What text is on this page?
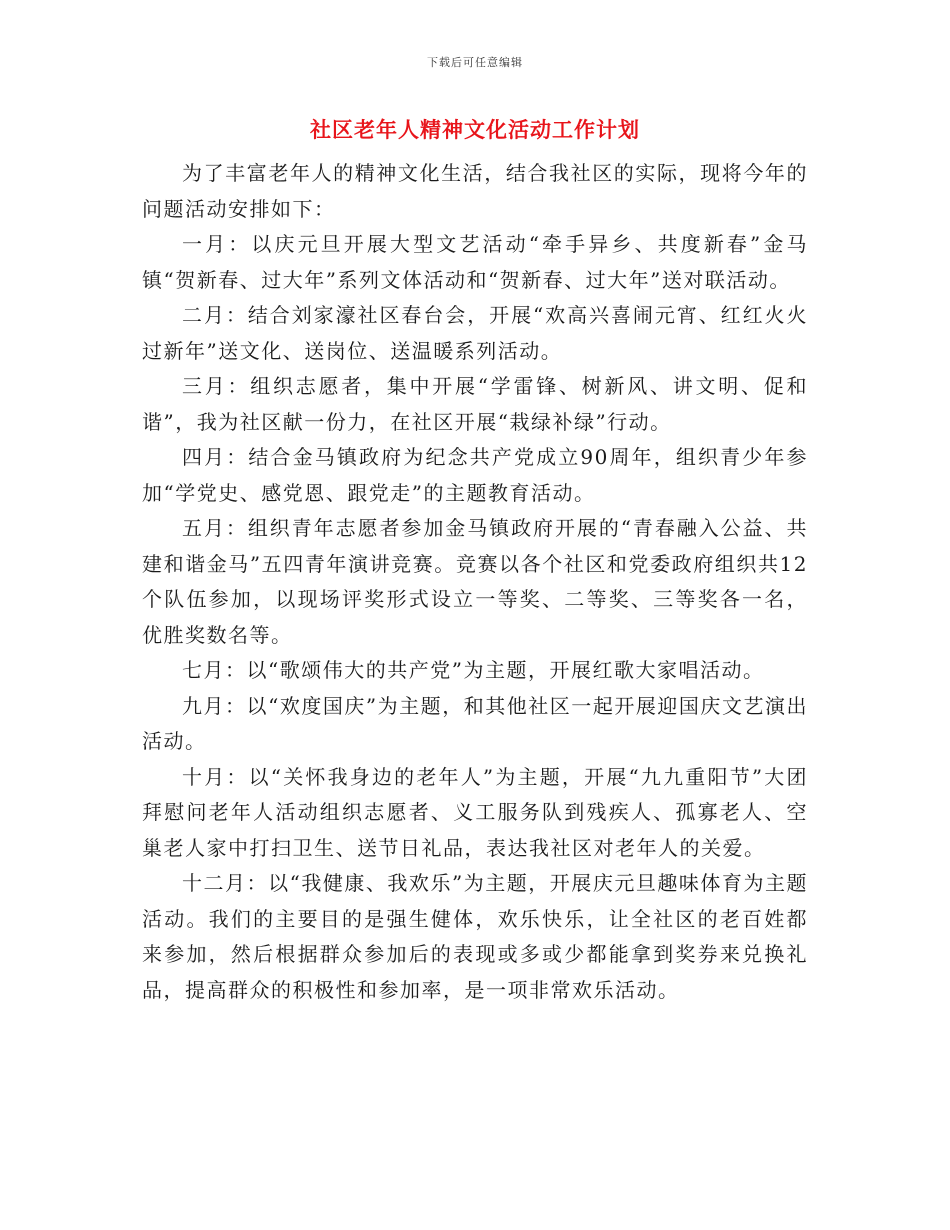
下载后可任意编辑
社区老年人精神文化活动工作计划

为了丰富老年人的精神文化生活，结合我社区的实际，现将今年的问题活动安排如下：

一月：以庆元旦开展大型文艺活动“牵手异乡、共度新春”金马镇“贺新春、过大年”系列文体活动和“贺新春、过大年”送对联活动。

二月：结合刘家濠社区春台会，开展“欢高兴喜闹元宵、红红火火过新年”送文化、送岗位、送温暖系列活动。

三月：组织志愿者，集中开展“学雷锋、树新风、讲文明、促和谐”，我为社区献一份力，在社区开展“栽绿补绿”行动。

四月：结合金马镇政府为纪念共产党成立90周年，组织青少年参加“学党史、感党恩、跟党走”的主题教育活动。

五月：组织青年志愿者参加金马镇政府开展的“青春融入公益、共建和谐金马”五四青年演讲竞赛。竞赛以各个社区和党委政府组织共12个队伍参加，以现场评奖形式设立一等奖、二等奖、三等奖各一名，优胜奖数名等。

七月：以“歌颂伟大的共产党”为主题，开展红歌大家唱活动。

九月：以“欢度国庆”为主题，和其他社区一起开展迎国庆文艺演出活动。

十月：以“关怀我身边的老年人”为主题，开展“九九重阳节”大团拜慰问老年人活动组织志愿者、义工服务队到残疾人、孤寡老人、空巢老人家中打扫卫生、送节日礼品，表达我社区对老年人的关爱。

十二月：以“我健康、我欢乐”为主题，开展庆元旦趣味体育为主题活动。我们的主要目的是强生健体，欢乐快乐，让全社区的老百姓都来参加，然后根据群众参加后的表现或多或少都能拿到奖券来兑换礼品，提高群众的积极性和参加率，是一项非常欢乐活动。
